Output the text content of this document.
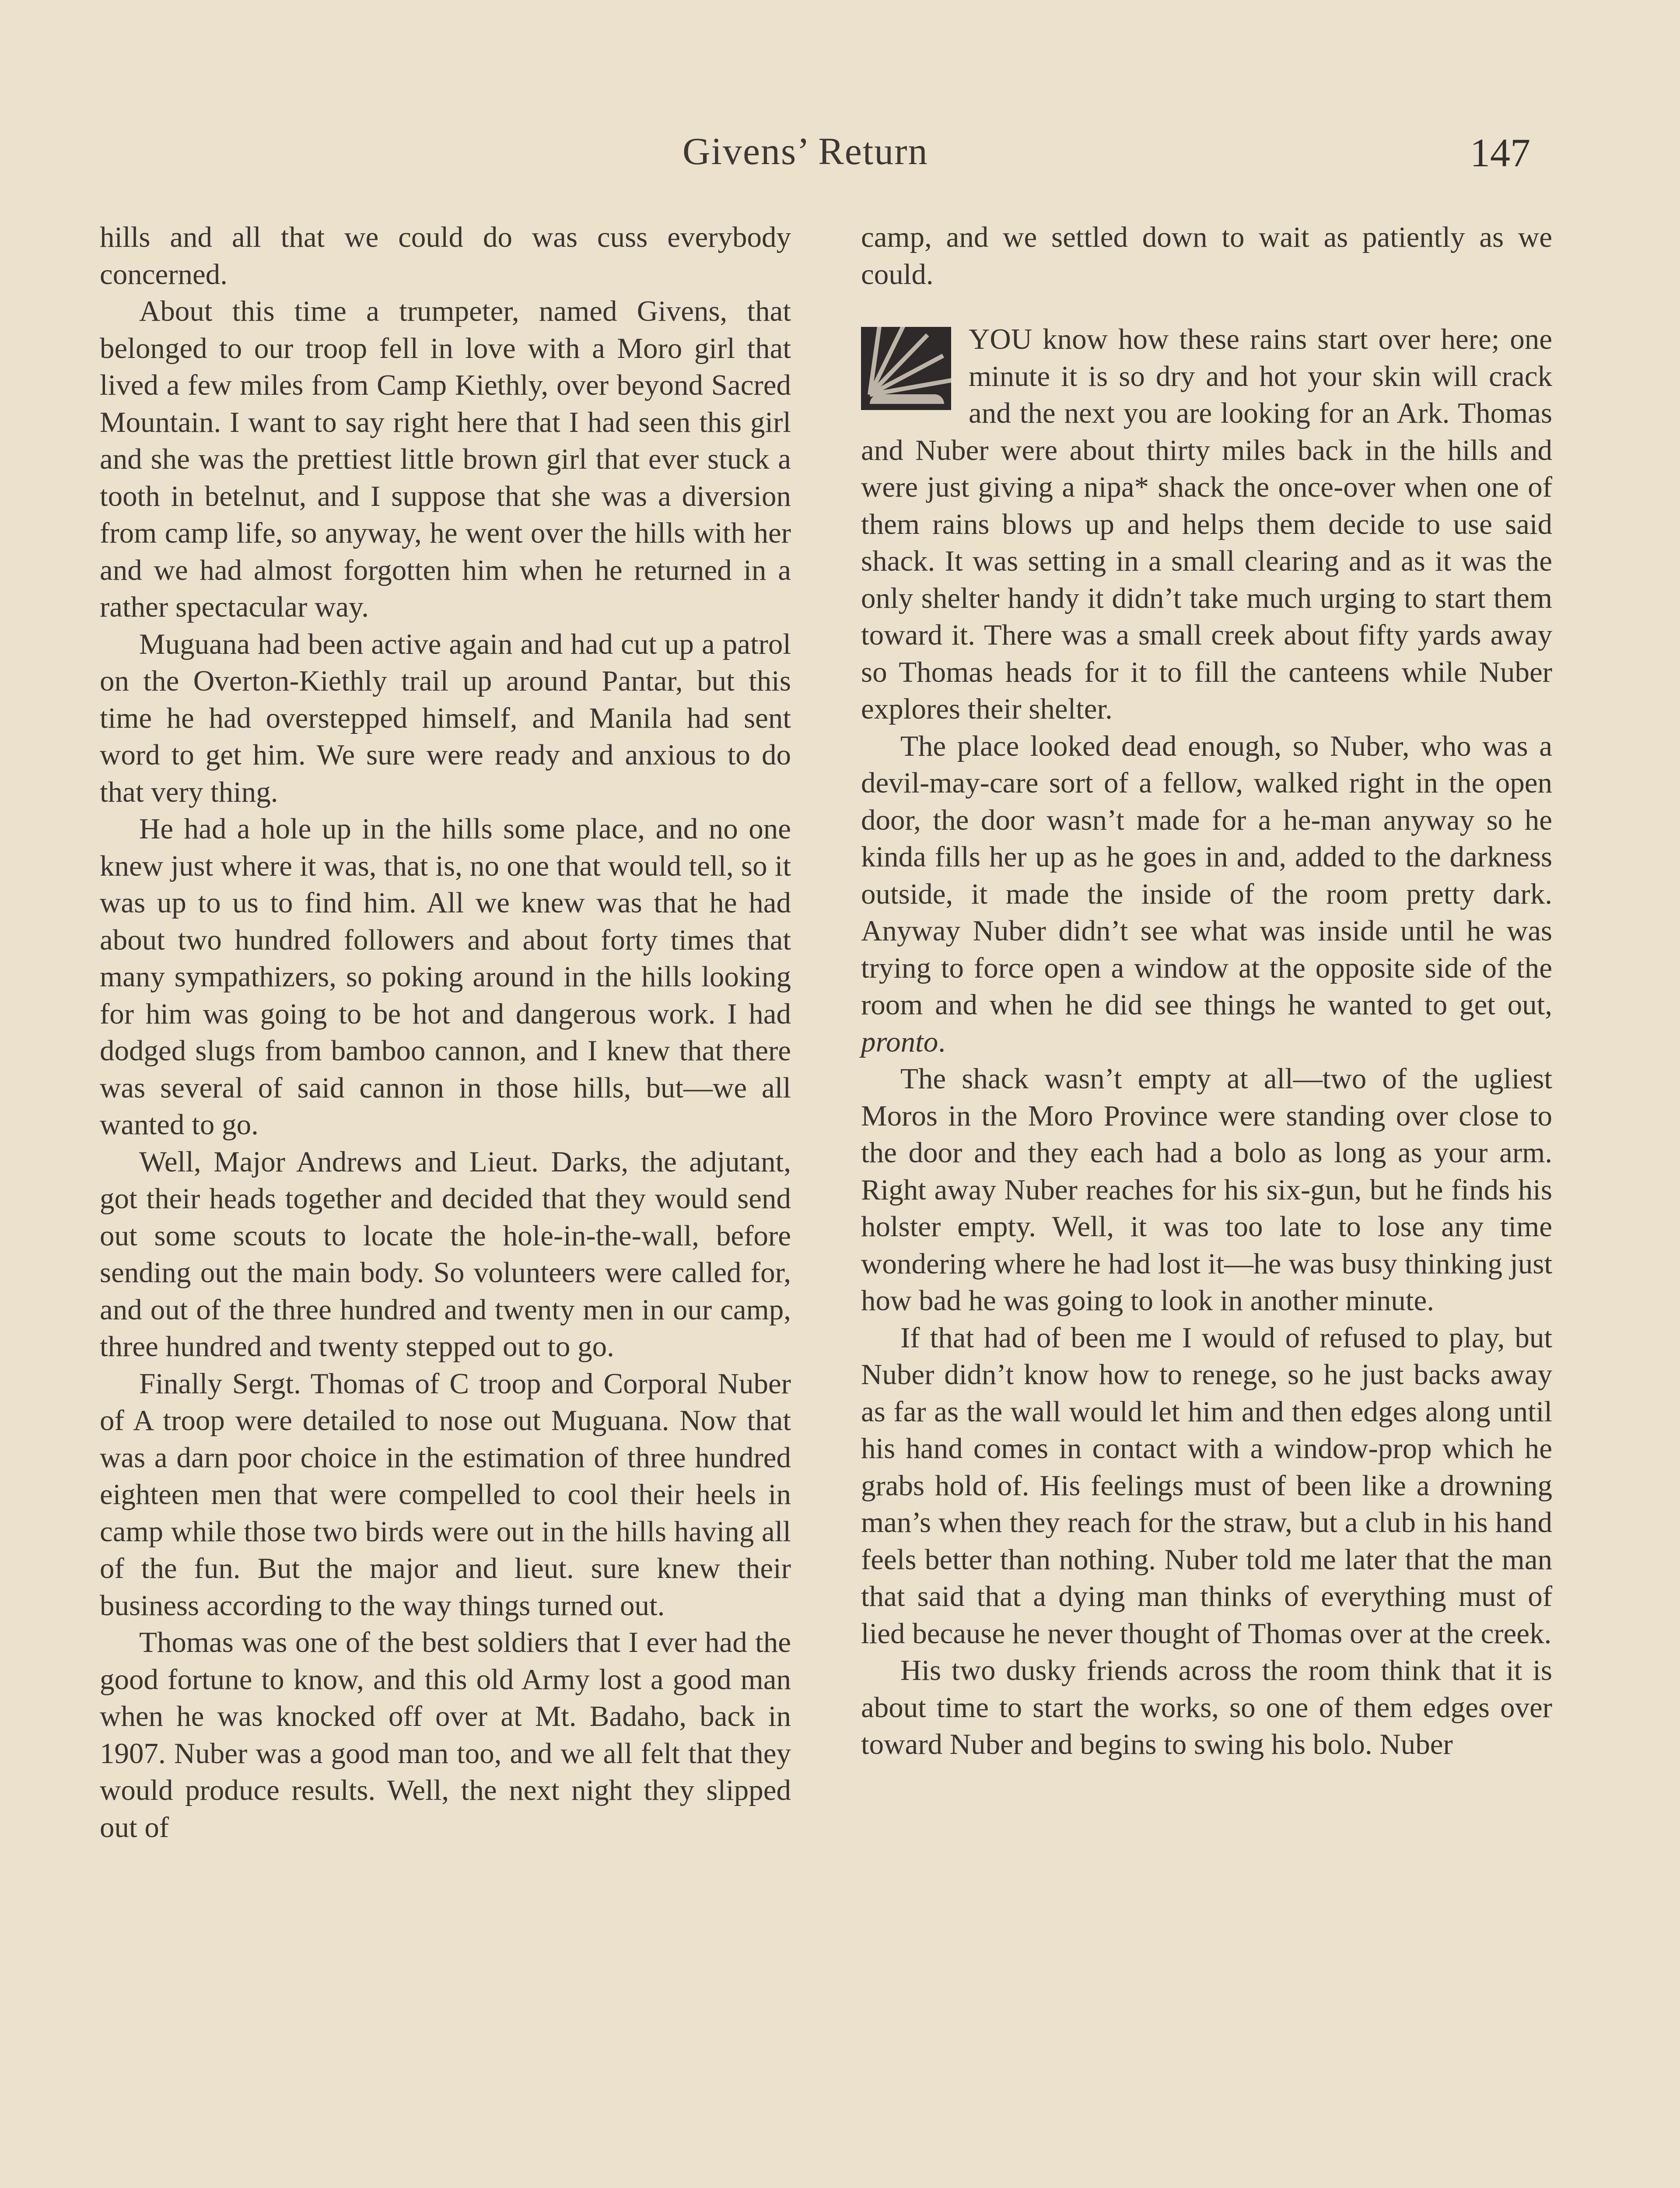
Givens’ Return	147

hills and all that we could do was cuss everybody concerned.

About this time a trumpeter, named Givens, that belonged to our troop fell in love with a Moro girl that lived a few miles from Camp Kiethly, over beyond Sacred Mountain. I want to say right here that I had seen this girl and she was the prettiest little brown girl that ever stuck a tooth in betelnut, and I suppose that she was a diversion from camp life, so anyway, he went over the hills with her and we had almost forgotten him when he returned in a rather spectacular way.

Muguana had been active again and had cut up a patrol on the Overton-Kiethly trail up around Pantar, but this time he had overstepped himself, and Manila had sent word to get him. We sure were ready and anxious to do that very thing.

He had a hole up in the hills some place, and no one knew just where it was, that is, no one that would tell, so it was up to us to find him. All we knew was that he had about two hundred followers and about forty times that many sympathizers, so poking around in the hills looking for him was going to be hot and dangerous work. I had dodged slugs from bamboo cannon, and I knew that there was several of said cannon in those hills, but—we all wanted to go.

Well, Major Andrews and Lieut. Darks, the adjutant, got their heads together and decided that they would send out some scouts to locate the hole-in-the-wall, before sending out the main body. So volunteers were called for, and out of the three hundred and twenty men in our camp, three hundred and twenty stepped out to go.

Finally Sergt. Thomas of C troop and Corporal Nuber of A troop were detailed to nose out Muguana. Now that was a darn poor choice in the estimation of three hundred eighteen men that were compelled to cool their heels in camp while those two birds were out in the hills having all of the fun. But the major and lieut. sure knew their business according to the way things turned out.

Thomas was one of the best soldiers that I ever had the good fortune to know, and this old Army lost a good man when he was knocked off over at Mt. Badaho, back in 1907. Nuber was a good man too, and we all felt that they would produce results. Well, the next night they slipped out of

camp, and we settled down to wait as patiently as we could.

YOU know how these rains start over here; one minute it is so dry and hot your skin will crack and the next you are looking for an Ark. Thomas and Nuber were about thirty miles back in the hills and were just giving a nipa* shack the once-over when one of them rains blows up and helps them decide to use said shack. It was setting in a small clearing and as it was the only shelter handy it didn’t take much urging to start them toward it. There was a small creek about fifty yards away so Thomas heads for it to fill the canteens while Nuber explores their shelter.

The place looked dead enough, so Nuber, who was a devil-may-care sort of a fellow, walked right in the open door, the door wasn’t made for a he-man anyway so he kinda fills her up as he goes in and, added to the darkness outside, it made the inside of the room pretty dark. Anyway Nuber didn’t see what was inside until he was trying to force open a window at the opposite side of the room and when he did see things he wanted to get out, pronto.

The shack wasn’t empty at all—two of the ugliest Moros in the Moro Province were standing over close to the door and they each had a bolo as long as your arm. Right away Nuber reaches for his six-gun, but he finds his holster empty. Well, it was too late to lose any time wondering where he had lost it—he was busy thinking just how bad he was going to look in another minute.

If that had of been me I would of refused to play, but Nuber didn’t know how to renege, so he just backs away as far as the wall would let him and then edges along until his hand comes in contact with a window-prop which he grabs hold of. His feelings must of been like a drowning man’s when they reach for the straw, but a club in his hand feels better than nothing. Nuber told me later that the man that said that a dying man thinks of everything must of lied because he never thought of Thomas over at the creek.

His two dusky friends across the room think that it is about time to start the works, so one of them edges over toward Nuber and begins to swing his bolo. Nuber
